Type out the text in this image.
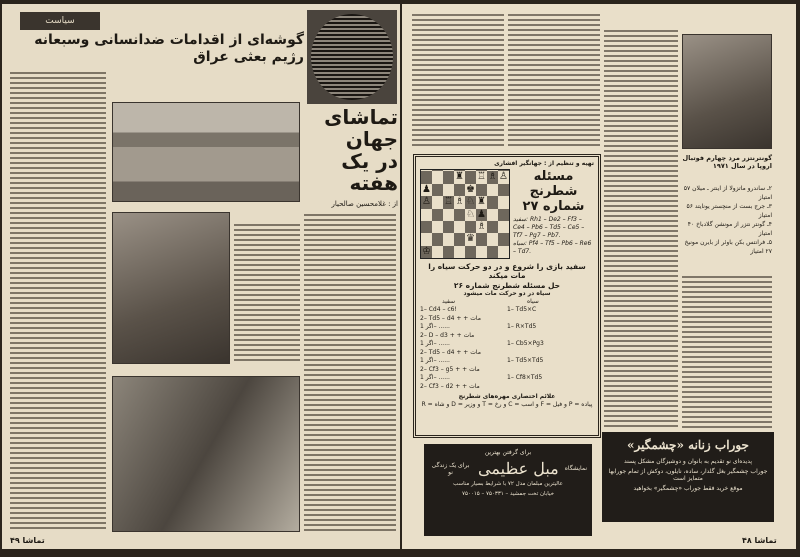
سیاست
گوشه‌ای از اقدامات ضدانسانی وسبعانه رژیم بعثی عراق
تماشای
جهان
در یک
هفته
از : غلامحسین صالحیار
تماشا ۴۹
گونترنتزر مرد چهارم فوتبال اروپا در سال ۱۹۷۱
۲ـ ساندرو ماتزولا از اینتر ـ میلان ۵۷ امتیاز
۳ـ جرج بست از منچستر یونایتد ۵۶ امتیاز
۴ـ گونتر نتزر از مونشن گلادباخ ۴۰ امتیاز
۵ـ فرانتس بکن باوئر از بایرن مونیخ ۲۷ امتیاز
تهیه و تنظیم از : جهانگیر افشاری
♜ ♖ ♗ ♙
♟	♚
♙ ♖ ♗ ♘ ♜
♘ ♟
♗
♛
♔
مسئله شطرنج شماره ۲۷
سفید: Rh1 – De2 – Ff3 – Ce4 – Pb6 – Td5 – Ce5 – Tf7 – Pg7 – Pb7.
سیاه: Pf4 – Tf5 – Pb6 – Re6 – Td7.
سفید بازی را شروع و در دو حرکت سیاه را مات میکند
حل مسئله شطرنج شماره ۲۶
سیاه در دو حرکت مات میشود
سفید	سیاه
1– Cd4 – c6!	1– Td5×C
2– Td5 – d4 + + مات
اگر 1– ......	1– R×Td5
2– D – d3 + + مات
اگر 1– ......	1– Cb5×Pg3
2– Td5 – d4 + + مات
اگر 1– ......	1– Td5×Td5
2– Cf3 – g5 + + مات
اگر 1– ......	1– Cf8×Td5
2– Cf3 – d2 + + مات
علائم اختصاری مهره‌های شطرنج
پیاده = P و فیل = F و اسب = C و رخ = T و وزیر = D و شاه = R
برای گرفتن بهترین
نمایشگاه
مبل عظیمی
برای یک زندگی نو
عالیترین مبلمان مدل ۷۲ با شرایط بسیار مناسب
خیابان تخت جمشید – ۷۵۰۳۳۱ – ۷۵۰۰۱۵
جوراب زنانه «چشمگیر»
پدیده‌ای نو تقدیم به بانوان و دوشیزگان مشکل پسند
جوراب چشمگیر بغل گلدار، ساده، نایلون، دوکش از تمام جورابها متمایز است
موقع خرید فقط جوراب «چشمگیر» بخواهید
تماشا ۴۸
